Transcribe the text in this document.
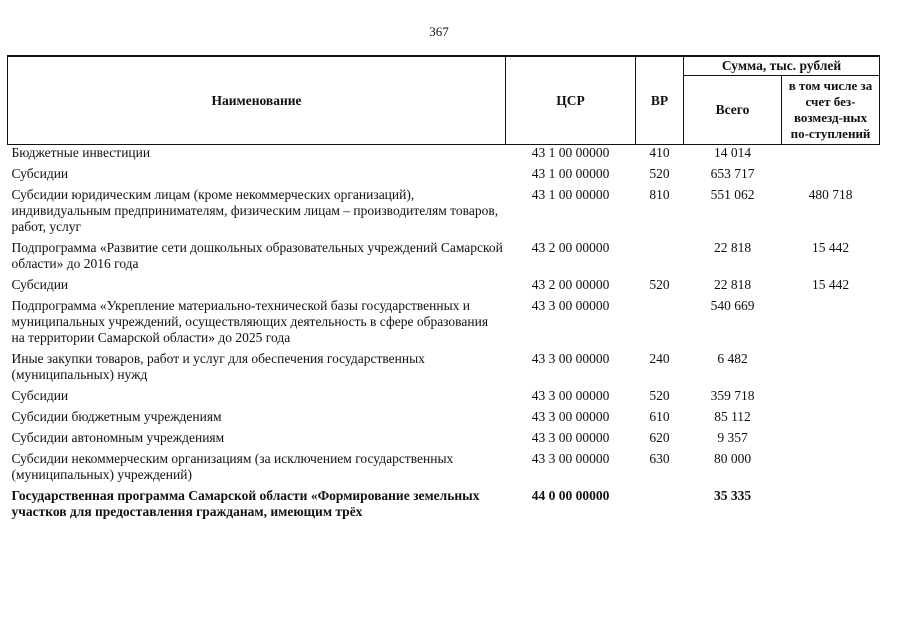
367
Наименование	ЦСР	ВР	Сумма, тыс. рублей	
			Всего	в том числе за счет без-возмезд-ных по-ступлений
Бюджетные инвестиции	43 1 00 00000	410	14 014	
Субсидии	43 1 00 00000	520	653 717	
Субсидии юридическим лицам (кроме некоммерческих организаций), индивидуальным предпринимателям, физическим лицам – производителям товаров, работ, услуг	43 1 00 00000	810	551 062	480 718
Подпрограмма «Развитие сети дошкольных образовательных учреждений Самарской области» до 2016 года	43 2 00 00000		22 818	15 442
Субсидии	43 2 00 00000	520	22 818	15 442
Подпрограмма «Укрепление материально-технической базы государственных и муниципальных учреждений, осуществляющих деятельность в сфере образования на территории Самарской области» до 2025 года	43 3 00 00000		540 669	
Иные закупки товаров, работ и услуг для обеспечения государственных (муниципальных) нужд	43 3 00 00000	240	6 482	
Субсидии	43 3 00 00000	520	359 718	
Субсидии бюджетным учреждениям	43 3 00 00000	610	85 112	
Субсидии автономным учреждениям	43 3 00 00000	620	9 357	
Субсидии некоммерческим организациям (за исключением государственных (муниципальных) учреждений)	43 3 00 00000	630	80 000	
Государственная программа Самарской области «Формирование земельных участков для предоставления гражданам, имеющим трёх	44 0 00 00000		35 335	
